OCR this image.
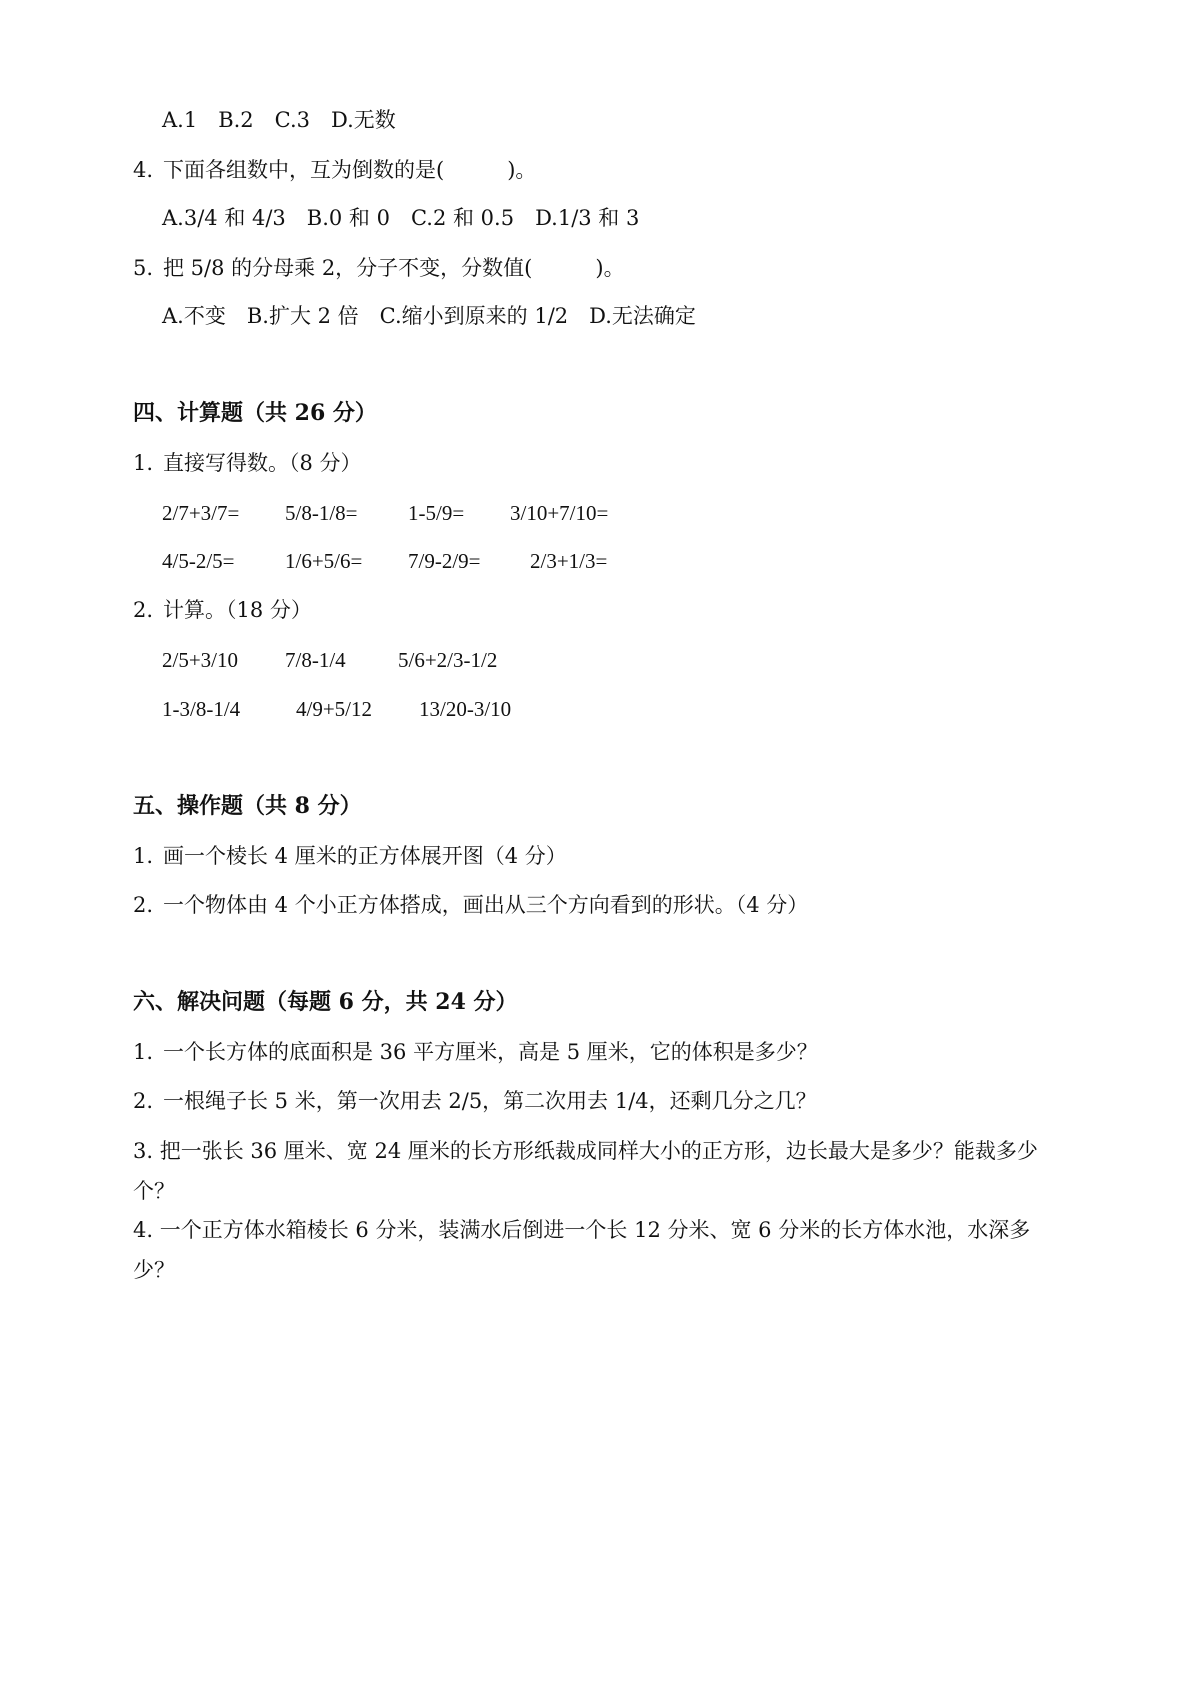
A.1　B.2　C.3　D.无数
4. 下面各组数中，互为倒数的是(　　　)。
A.3/4 和 4/3　B.0 和 0　C.2 和 0.5　D.1/3 和 3
5. 把 5/8 的分母乘 2，分子不变，分数值(　　　)。
A.不变　B.扩大 2 倍　C.缩小到原来的 1/2　D.无法确定
四、计算题（共 26 分）
1. 直接写得数。（8 分）
2/7+3/7= 5/8-1/8= 1-5/9= 3/10+7/10=
4/5-2/5= 1/6+5/6= 7/9-2/9= 2/3+1/3=
2. 计算。（18 分）
2/5+3/10 7/8-1/4 5/6+2/3-1/2
1-3/8-1/4	4/9+5/12 13/20-3/10
五、操作题（共 8 分）
1. 画一个棱长 4 厘米的正方体展开图（4 分）
2. 一个物体由 4 个小正方体搭成，画出从三个方向看到的形状。（4 分）
六、解决问题（每题 6 分，共 24 分）
1. 一个长方体的底面积是 36 平方厘米，高是 5 厘米，它的体积是多少？
2. 一根绳子长 5 米，第一次用去 2/5，第二次用去 1/4，还剩几分之几？
3. 把一张长 36 厘米、宽 24 厘米的长方形纸裁成同样大小的正方形，边长最大是多少？能裁多少个？
4. 一个正方体水箱棱长 6 分米，装满水后倒进一个长 12 分米、宽 6 分米的长方体水池，水深多少？
